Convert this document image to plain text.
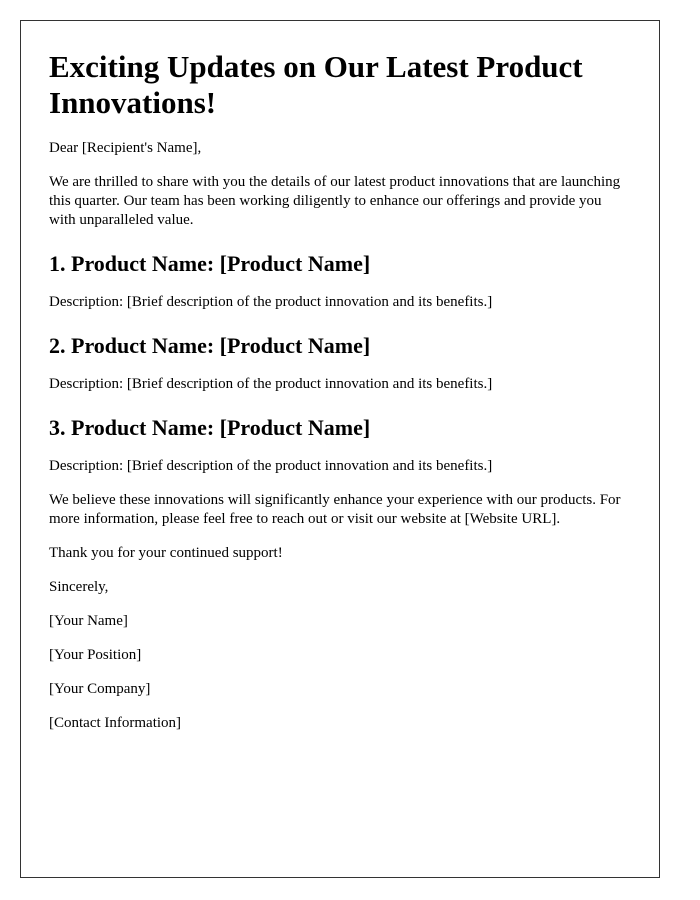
Exciting Updates on Our Latest Product Innovations!

Dear [Recipient's Name],

We are thrilled to share with you the details of our latest product innovations that are launching this quarter. Our team has been working diligently to enhance our offerings and provide you with unparalleled value.

1. Product Name: [Product Name]

Description: [Brief description of the product innovation and its benefits.]

2. Product Name: [Product Name]

Description: [Brief description of the product innovation and its benefits.]

3. Product Name: [Product Name]

Description: [Brief description of the product innovation and its benefits.]

We believe these innovations will significantly enhance your experience with our products. For more information, please feel free to reach out or visit our website at [Website URL].

Thank you for your continued support!

Sincerely,

[Your Name]

[Your Position]

[Your Company]

[Contact Information]
